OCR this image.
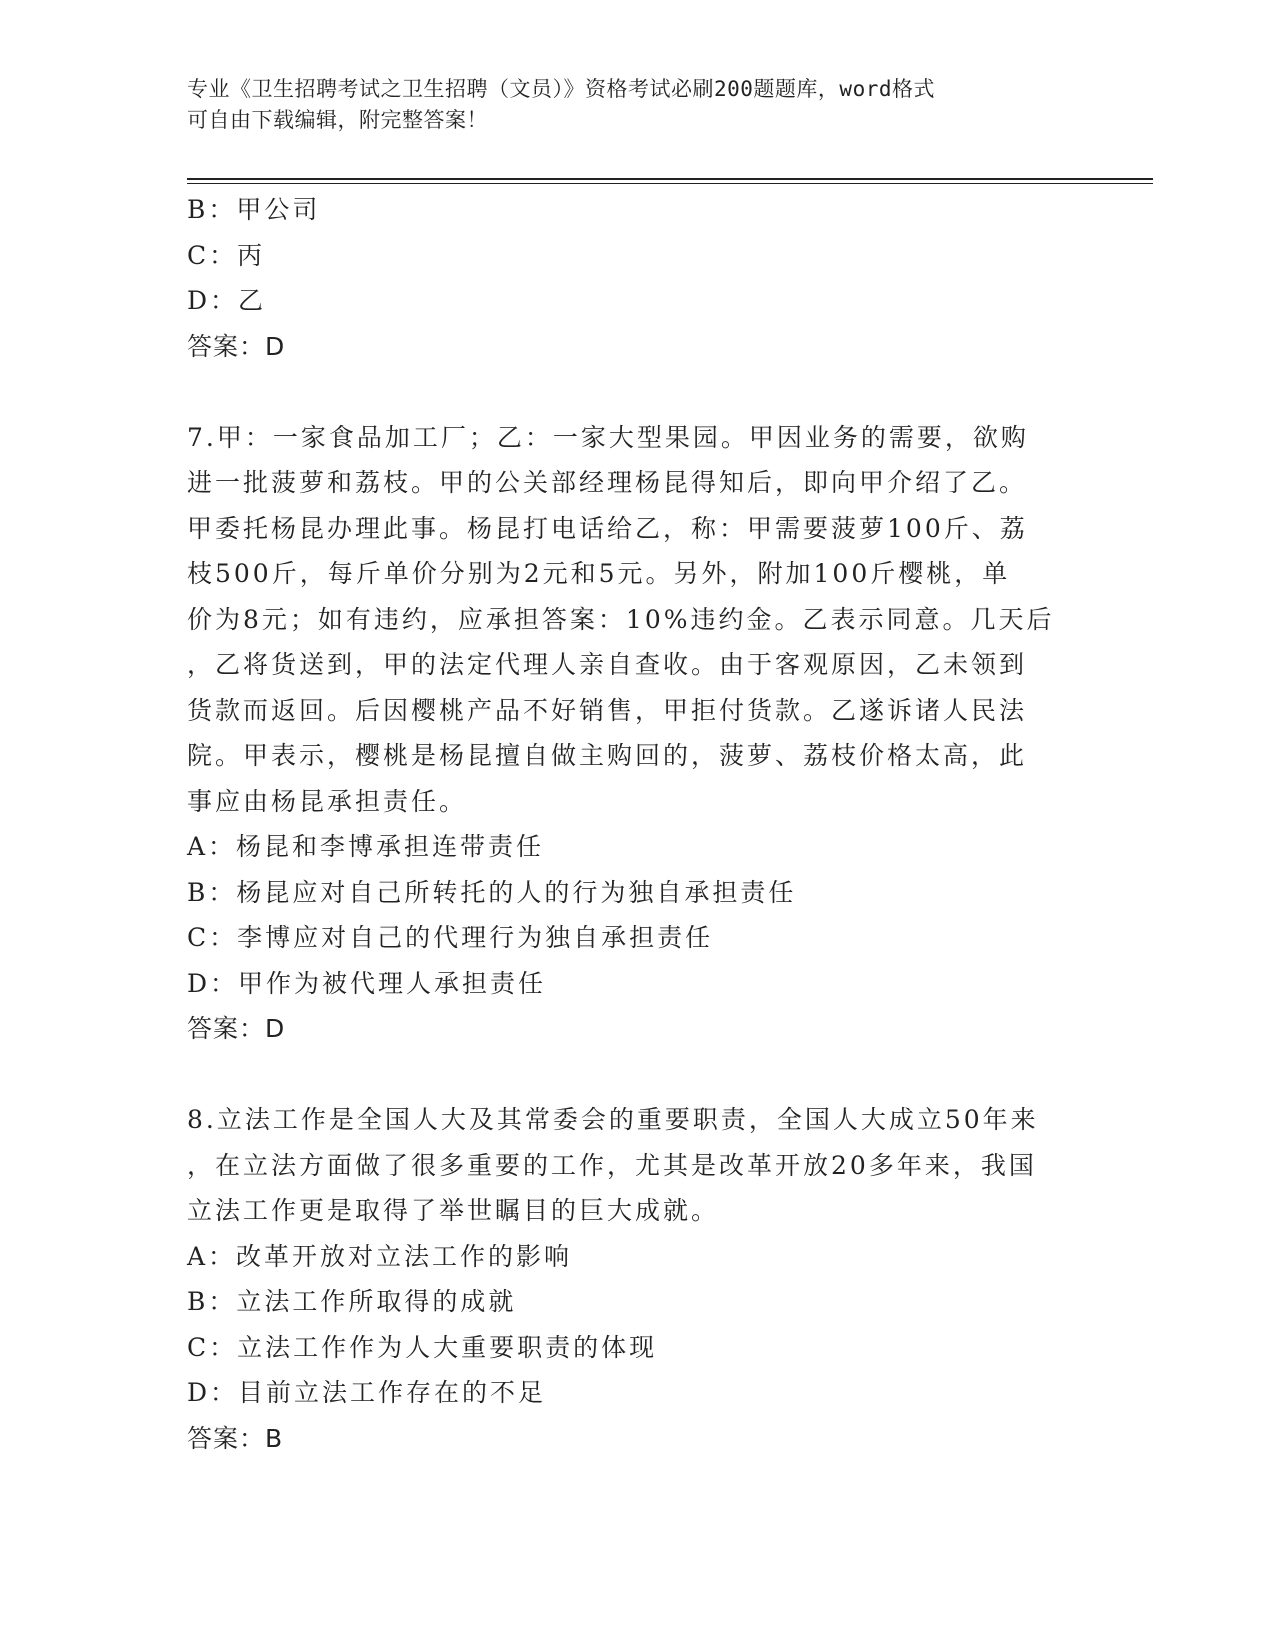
专业《卫生招聘考试之卫生招聘（文员）》资格考试必刷200题题库，word格式
可自由下载编辑，附完整答案！
B：甲公司
C：丙
D：乙
答案：D
7.甲：一家食品加工厂；乙：一家大型果园。甲因业务的需要，欲购
进一批菠萝和荔枝。甲的公关部经理杨昆得知后，即向甲介绍了乙。
甲委托杨昆办理此事。杨昆打电话给乙，称：甲需要菠萝100斤、荔
枝500斤，每斤单价分别为2元和5元。另外，附加100斤樱桃，单
价为8元；如有违约，应承担答案：10%违约金。乙表示同意。几天后
，乙将货送到，甲的法定代理人亲自查收。由于客观原因，乙未领到
货款而返回。后因樱桃产品不好销售，甲拒付货款。乙遂诉诸人民法
院。甲表示，樱桃是杨昆擅自做主购回的，菠萝、荔枝价格太高，此
事应由杨昆承担责任。
A：杨昆和李博承担连带责任
B：杨昆应对自己所转托的人的行为独自承担责任
C：李博应对自己的代理行为独自承担责任
D：甲作为被代理人承担责任
答案：D
8.立法工作是全国人大及其常委会的重要职责，全国人大成立50年来
，在立法方面做了很多重要的工作，尤其是改革开放20多年来，我国
立法工作更是取得了举世瞩目的巨大成就。
A：改革开放对立法工作的影响
B：立法工作所取得的成就
C：立法工作作为人大重要职责的体现
D：目前立法工作存在的不足
答案：B
